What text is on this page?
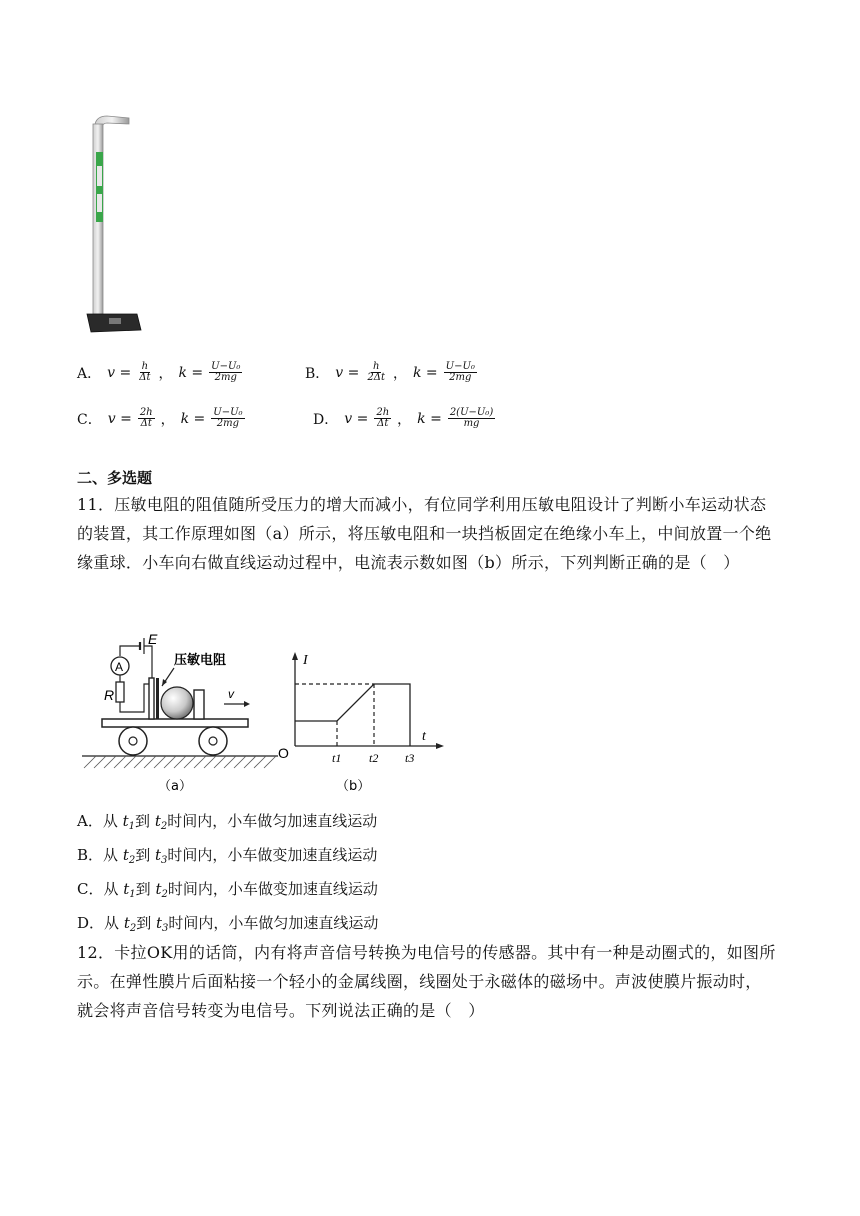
A． $v = \frac{h}{\Delta t}$ ， $k = \frac{\text{U−U₀}}{2mg}$	B． $v = \frac{h}{2\Delta t}$ ， $k = \frac{\text{U−U₀}}{2mg}$
C． $v = \frac{2h}{\Delta t}$ ， $k = \frac{\text{U−U₀}}{2mg}$	D． $v = \frac{2h}{\Delta t}$ ， $k = \frac{\text{2(U−U₀)}}{mg}$
二、多选题
11．压敏电阻的阻值随所受压力的增大而减小，有位同学利用压敏电阻设计了判断小车运动状态的装置，其工作原理如图（a）所示，将压敏电阻和一块挡板固定在绝缘小车上，中间放置一个绝缘重球．小车向右做直线运动过程中，电流表示数如图（b）所示，下列判断正确的是（　）
E
A
R
压敏电阻
v
（a）
I
t
O	t1 t2 t3
（b）
A．从 $t_1$到 $t_2$时间内，小车做匀加速直线运动
B．从 $t_2$到 $t_3$时间内，小车做变加速直线运动
C．从 $t_1$到 $t_2$时间内，小车做变加速直线运动
D．从 $t_2$到 $t_3$时间内，小车做匀加速直线运动
12．卡拉OK用的话筒，内有将声音信号转换为电信号的传感器。其中有一种是动圈式的，如图所示。在弹性膜片后面粘接一个轻小的金属线圈，线圈处于永磁体的磁场中。声波使膜片振动时，就会将声音信号转变为电信号。下列说法正确的是（　）
